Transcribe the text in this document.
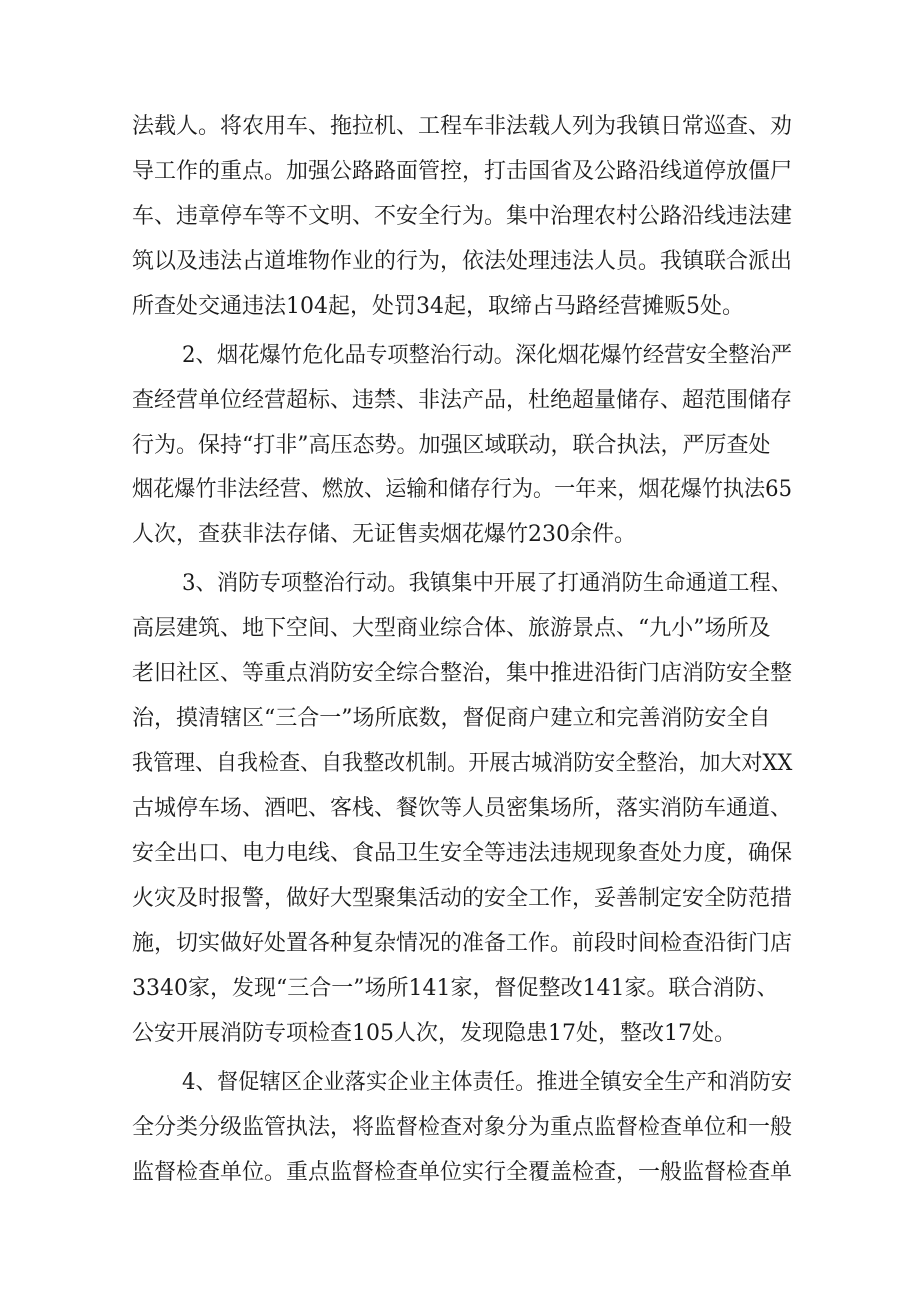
法载人。将农用车、拖拉机、工程车非法载人列为我镇日常巡查、劝
导工作的重点。加强公路路面管控，打击国省及公路沿线道停放僵尸
车、违章停车等不文明、不安全行为。集中治理农村公路沿线违法建
筑以及违法占道堆物作业的行为，依法处理违法人员。我镇联合派出
所查处交通违法104起，处罚34起，取缔占马路经营摊贩5处。
2、烟花爆竹危化品专项整治行动。深化烟花爆竹经营安全整治严
查经营单位经营超标、违禁、非法产品，杜绝超量储存、超范围储存
行为。保持“打非”高压态势。加强区域联动，联合执法，严厉查处
烟花爆竹非法经营、燃放、运输和储存行为。一年来，烟花爆竹执法65
人次，查获非法存储、无证售卖烟花爆竹230余件。
3、消防专项整治行动。我镇集中开展了打通消防生命通道工程、
高层建筑、地下空间、大型商业综合体、旅游景点、“九小”场所及
老旧社区、等重点消防安全综合整治，集中推进沿街门店消防安全整
治，摸清辖区“三合一”场所底数，督促商户建立和完善消防安全自
我管理、自我检查、自我整改机制。开展古城消防安全整治，加大对XX
古城停车场、酒吧、客栈、餐饮等人员密集场所，落实消防车通道、
安全出口、电力电线、食品卫生安全等违法违规现象查处力度，确保
火灾及时报警，做好大型聚集活动的安全工作，妥善制定安全防范措
施，切实做好处置各种复杂情况的准备工作。前段时间检查沿街门店
3340家，发现“三合一”场所141家，督促整改141家。联合消防、
公安开展消防专项检查105人次，发现隐患17处，整改17处。
4、督促辖区企业落实企业主体责任。推进全镇安全生产和消防安
全分类分级监管执法，将监督检查对象分为重点监督检查单位和一般
监督检查单位。重点监督检查单位实行全覆盖检查，一般监督检查单
